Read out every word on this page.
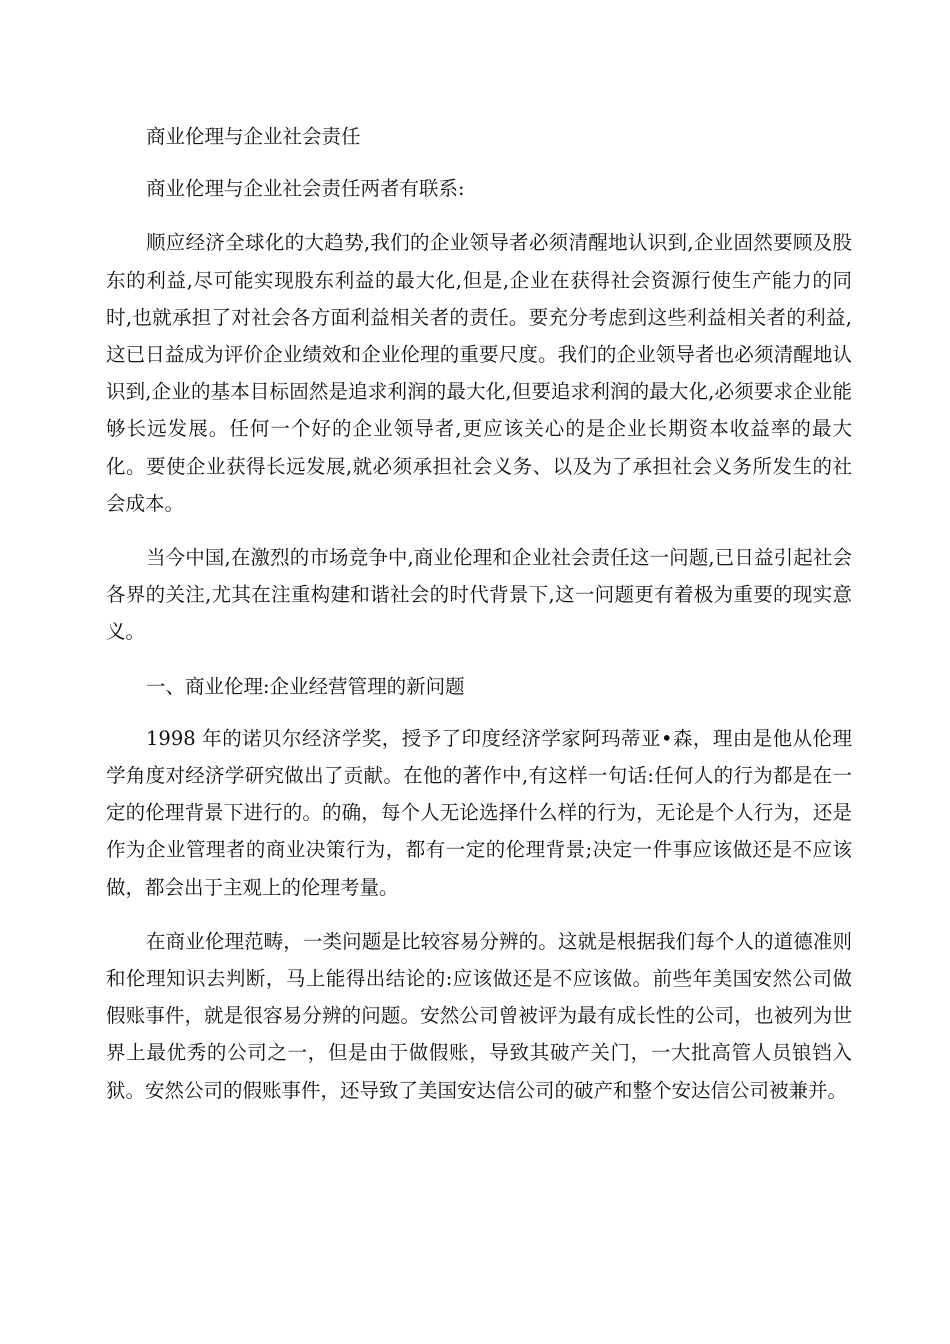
商业伦理与企业社会责任

商业伦理与企业社会责任两者有联系:

顺应经济全球化的大趋势,我们的企业领导者必须清醒地认识到,企业固然要顾及股东的利益,尽可能实现股东利益的最大化,但是,企业在获得社会资源行使生产能力的同时,也就承担了对社会各方面利益相关者的责任。要充分考虑到这些利益相关者的利益,这已日益成为评价企业绩效和企业伦理的重要尺度。我们的企业领导者也必须清醒地认识到,企业的基本目标固然是追求利润的最大化,但要追求利润的最大化,必须要求企业能够长远发展。任何一个好的企业领导者,更应该关心的是企业长期资本收益率的最大化。要使企业获得长远发展,就必须承担社会义务、以及为了承担社会义务所发生的社会成本。

当今中国,在激烈的市场竞争中,商业伦理和企业社会责任这一问题,已日益引起社会各界的关注,尤其在注重构建和谐社会的时代背景下,这一问题更有着极为重要的现实意义。

一、商业伦理:企业经营管理的新问题

1998 年的诺贝尔经济学奖，授予了印度经济学家阿玛蒂亚•森，理由是他从伦理学角度对经济学研究做出了贡献。在他的著作中,有这样一句话:任何人的行为都是在一定的伦理背景下进行的。的确，每个人无论选择什么样的行为，无论是个人行为，还是作为企业管理者的商业决策行为，都有一定的伦理背景;决定一件事应该做还是不应该做，都会出于主观上的伦理考量。

在商业伦理范畴，一类问题是比较容易分辨的。这就是根据我们每个人的道德准则和伦理知识去判断，马上能得出结论的:应该做还是不应该做。前些年美国安然公司做假账事件，就是很容易分辨的问题。安然公司曾被评为最有成长性的公司，也被列为世界上最优秀的公司之一，但是由于做假账，导致其破产关门，一大批高管人员锒铛入狱。安然公司的假账事件，还导致了美国安达信公司的破产和整个安达信公司被兼并。
